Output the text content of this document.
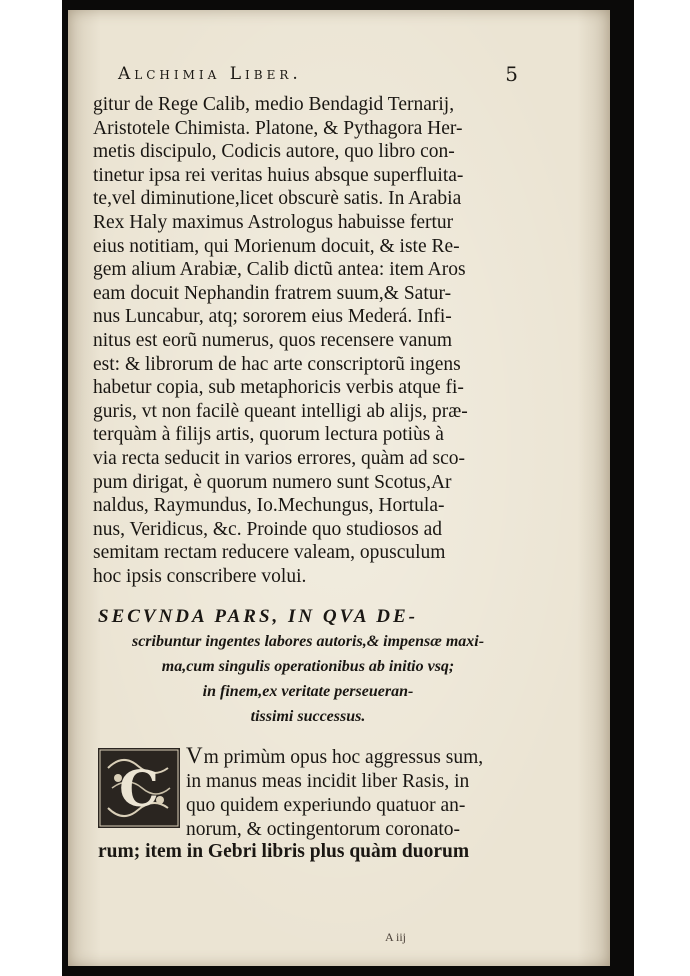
Alchimia Liber.	5
gitur de Rege Calib, medio Bendagid Ternarij,
Aristotele Chimista. Platone, & Pythagora Her-
metis discipulo, Codicis autore, quo libro con-
tinetur ipsa rei veritas huius absque superfluita-
te,vel diminutione,licet obscurè satis. In Arabia
Rex Haly maximus Astrologus habuisse fertur
eius notitiam, qui Morienum docuit, & iste Re-
gem alium Arabiæ, Calib dictũ antea: item Aros
eam docuit Nephandin fratrem suum,& Satur-
nus Luncabur, atq; sororem eius Mederá. Infi-
nitus est eorũ numerus, quos recensere vanum
est: & librorum de hac arte conscriptorũ ingens
habetur copia, sub metaphoricis verbis atque fi-
guris, vt non facilè queant intelligi ab alijs, præ-
terquàm à filijs artis, quorum lectura potiùs à
via recta seducit in varios errores, quàm ad sco-
pum dirigat, è quorum numero sunt Scotus,Ar
naldus, Raymundus, Io.Mechungus, Hortula-
nus, Veridicus, &c. Proinde quo studiosos ad
semitam rectam reducere valeam, opusculum
hoc ipsis conscribere volui.
SECVNDA PARS, IN QVA DE-
scribuntur ingentes labores autoris,& impensæ maxi-
ma,cum singulis operationibus ab initio vsq;
in finem,ex veritate perseueran-
tissimi successus.
C
Vm primùm opus hoc aggressus sum,
in manus meas incidit liber Rasis, in
quo quidem experiundo quatuor an-
norum, & octingentorum coronato-
rum; item in Gebri libris plus quàm duorum
A iij
